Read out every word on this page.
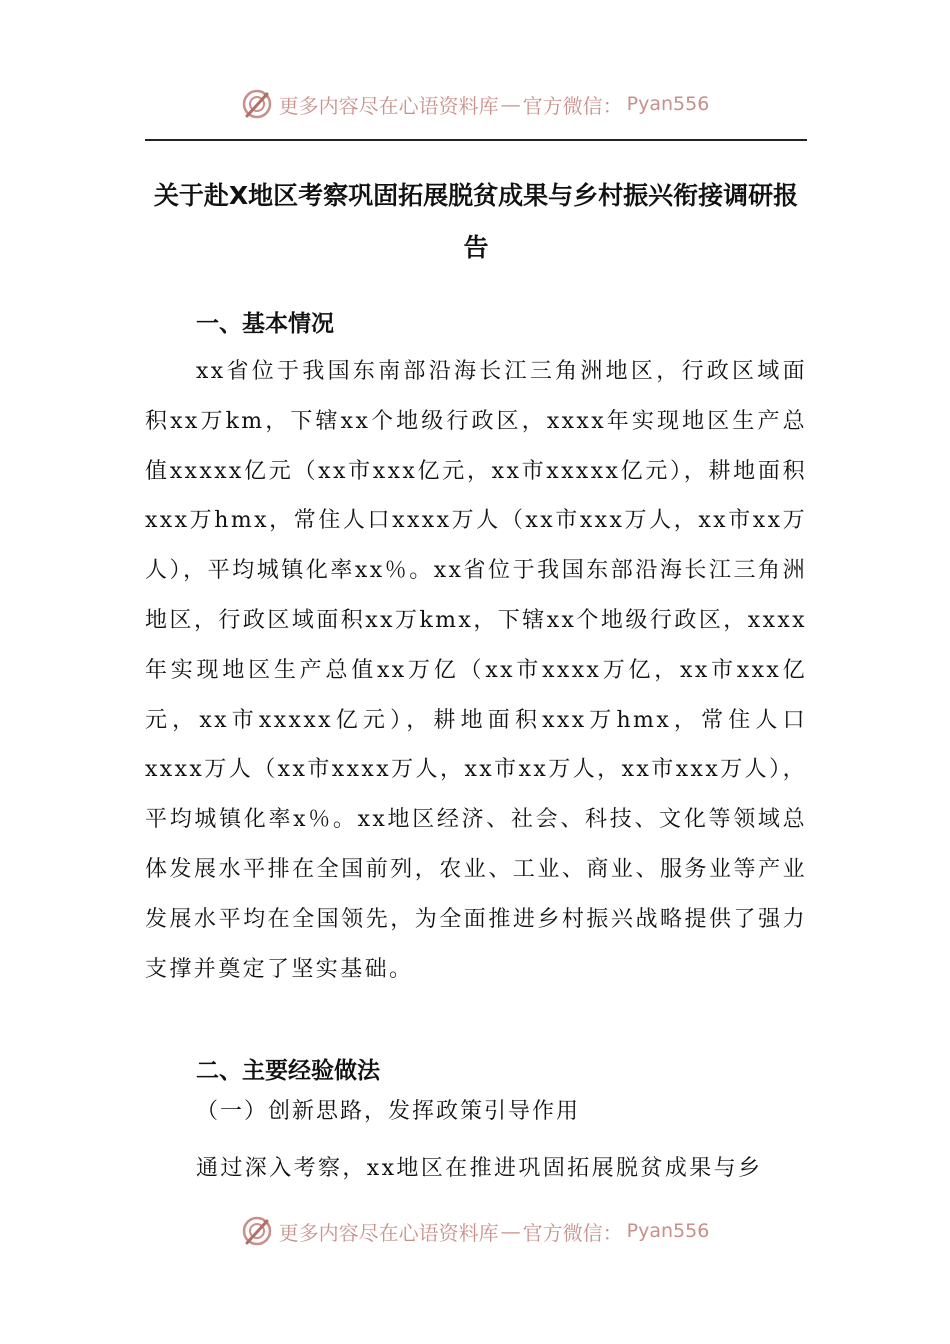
更多内容尽在心语资料库 — 官方微信： Pyan556
关于赴X地区考察巩固拓展脱贫成果与乡村振兴衔接调研报告
一、基本情况

xx省位于我国东南部沿海长江三角洲地区，行政区域面积xx万km，下辖xx个地级行政区，xxxx年实现地区生产总值xxxxx亿元（xx市xxx亿元，xx市xxxxx亿元），耕地面积xxx万hmx，常住人口xxxx万人（xx市xxx万人，xx市xx万人），平均城镇化率xx％。xx省位于我国东部沿海长江三角洲地区，行政区域面积xx万kmx，下辖xx个地级行政区，xxxx年实现地区生产总值xx万亿（xx市xxxx万亿，xx市xxx亿元，xx市xxxxx亿元），耕地面积xxx万hmx，常住人口xxxx万人（xx市xxxx万人，xx市xx万人，xx市xxx万人），平均城镇化率x％。xx地区经济、社会、科技、文化等领域总体发展水平排在全国前列，农业、工业、商业、服务业等产业发展水平均在全国领先，为全面推进乡村振兴战略提供了强力支撑并奠定了坚实基础。

二、主要经验做法
（一）创新思路，发挥政策引导作用

通过深入考察，xx地区在推进巩固拓展脱贫成果与乡

更多内容尽在心语资料库 — 官方微信： Pyan556
